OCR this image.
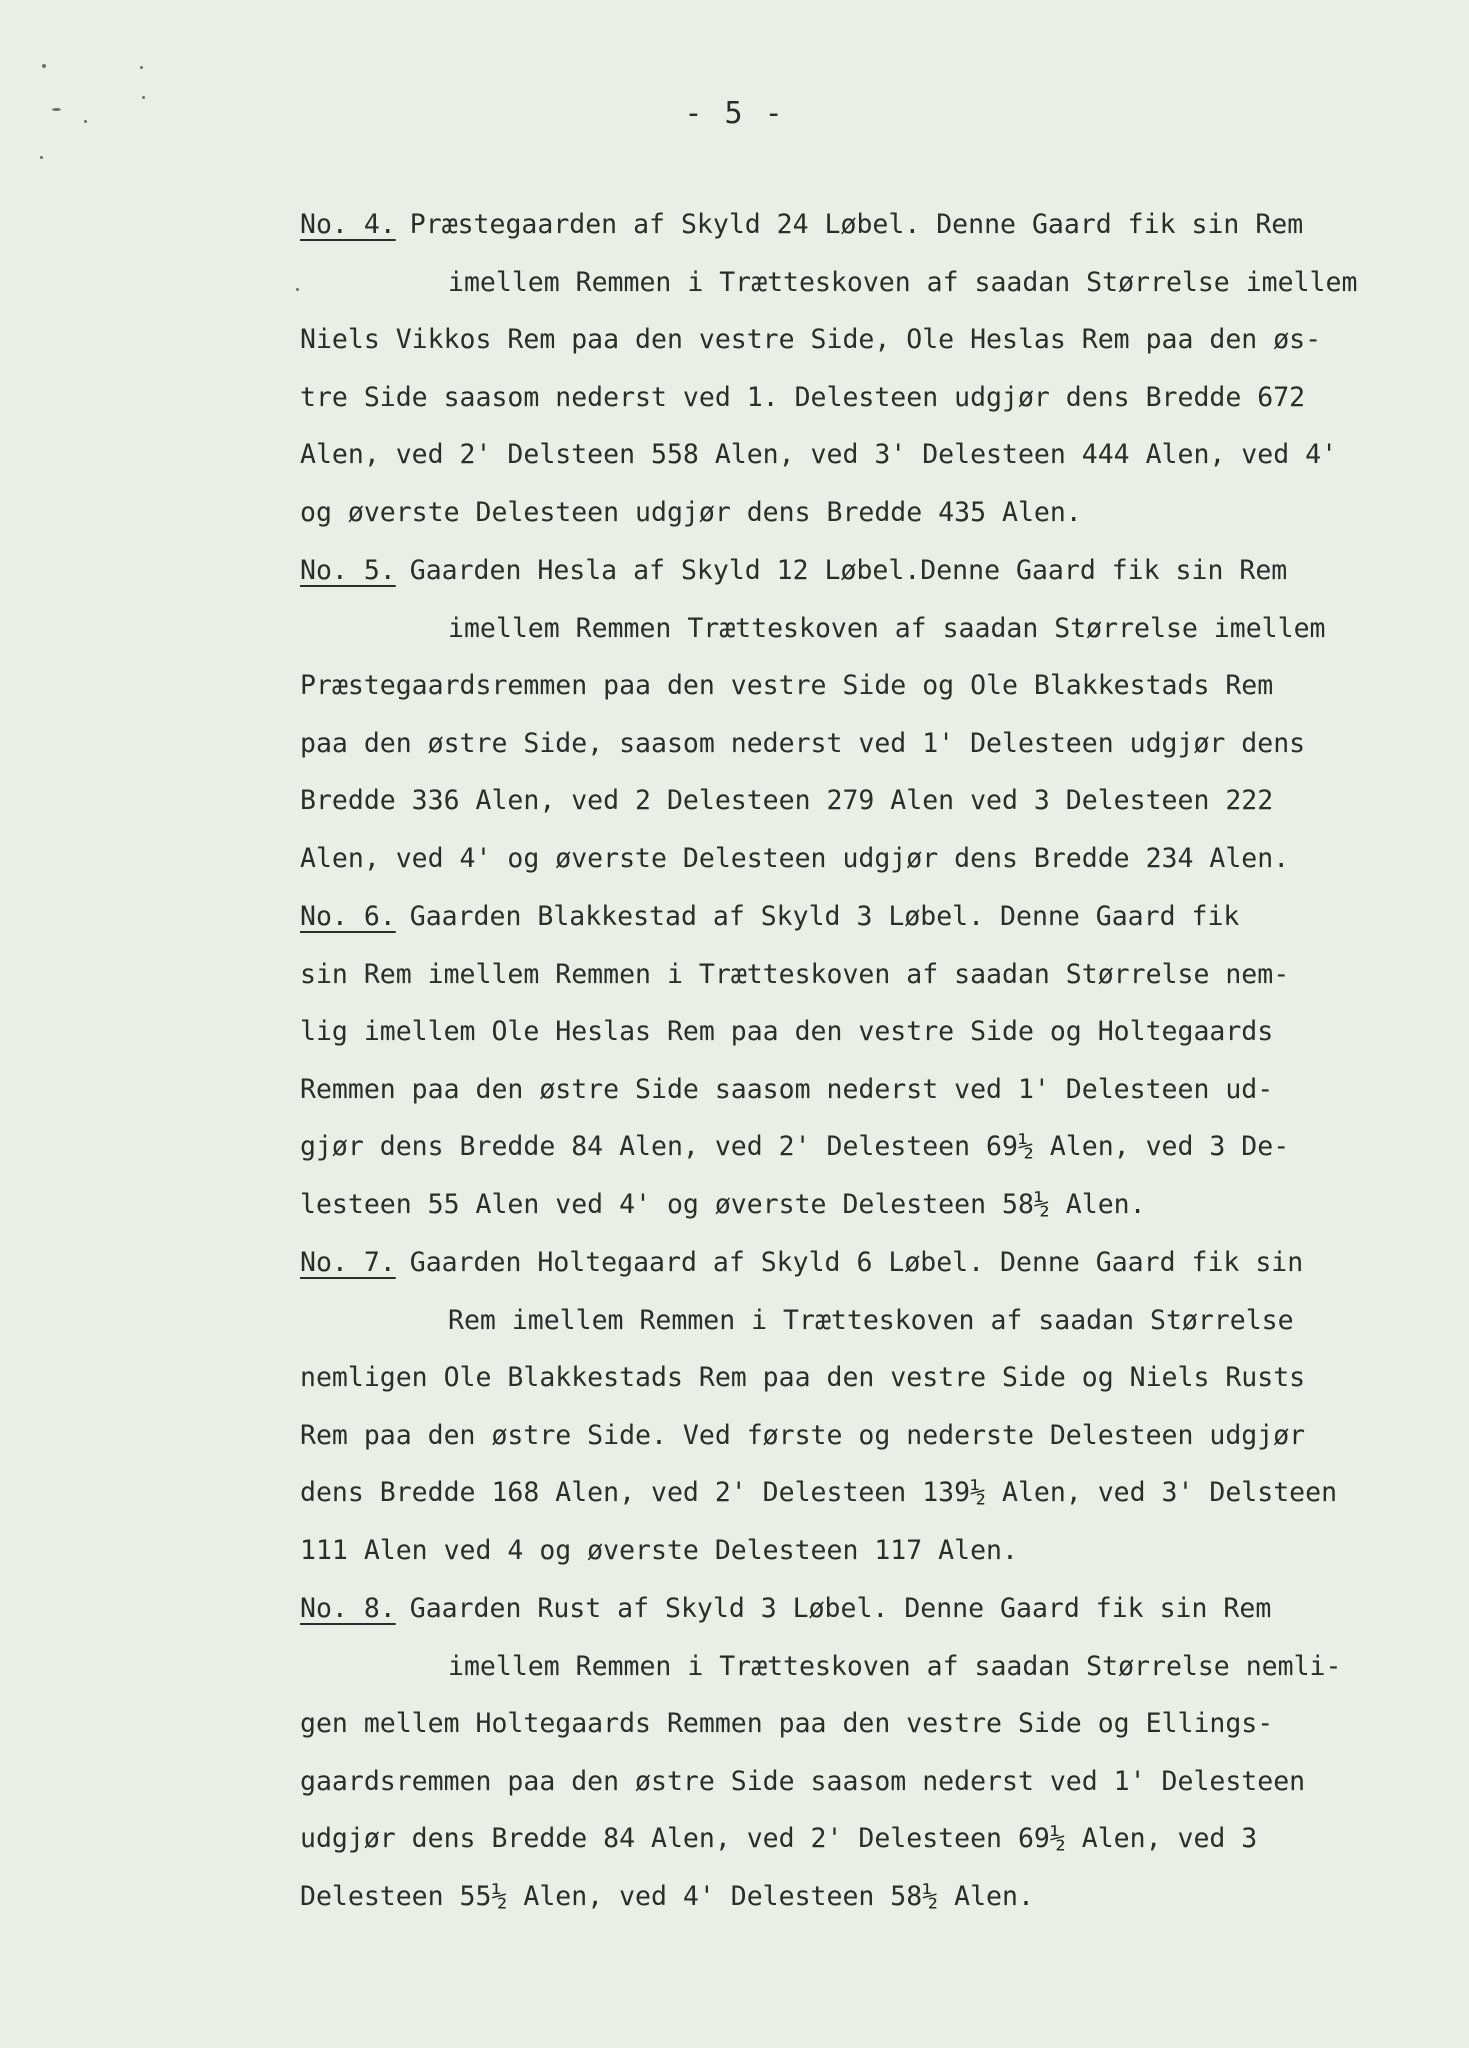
- 5 -
No. 4. Præstegaarden af Skyld 24 Løbel. Denne Gaard fik sin Rem
imellem Remmen i Trætteskoven af saadan Størrelse imellem
Niels Vikkos Rem paa den vestre Side, Ole Heslas Rem paa den øs-
tre Side saasom nederst ved 1. Delesteen udgjør dens Bredde 672
Alen, ved 2' Delsteen 558 Alen, ved 3' Delesteen 444 Alen, ved 4'
og øverste Delesteen udgjør dens Bredde 435 Alen.
No. 5. Gaarden Hesla af Skyld 12 Løbel.Denne Gaard fik sin Rem
imellem Remmen Trætteskoven af saadan Størrelse imellem
Præstegaardsremmen paa den vestre Side og Ole Blakkestads Rem
paa den østre Side, saasom nederst ved 1' Delesteen udgjør dens
Bredde 336 Alen, ved 2 Delesteen 279 Alen ved 3 Delesteen 222
Alen, ved 4' og øverste Delesteen udgjør dens Bredde 234 Alen.
No. 6. Gaarden Blakkestad af Skyld 3 Løbel. Denne Gaard fik
sin Rem imellem Remmen i Trætteskoven af saadan Størrelse nem-
lig imellem Ole Heslas Rem paa den vestre Side og Holtegaards
Remmen paa den østre Side saasom nederst ved 1' Delesteen ud-
gjør dens Bredde 84 Alen, ved 2' Delesteen 69½ Alen, ved 3 De-
lesteen 55 Alen ved 4' og øverste Delesteen 58½ Alen.
No. 7. Gaarden Holtegaard af Skyld 6 Løbel. Denne Gaard fik sin
Rem imellem Remmen i Trætteskoven af saadan Størrelse
nemligen Ole Blakkestads Rem paa den vestre Side og Niels Rusts
Rem paa den østre Side. Ved første og nederste Delesteen udgjør
dens Bredde 168 Alen, ved 2' Delesteen 139½ Alen, ved 3' Delsteen
111 Alen ved 4 og øverste Delesteen 117 Alen.
No. 8. Gaarden Rust af Skyld 3 Løbel. Denne Gaard fik sin Rem
imellem Remmen i Trætteskoven af saadan Størrelse nemli-
gen mellem Holtegaards Remmen paa den vestre Side og Ellings-
gaardsremmen paa den østre Side saasom nederst ved 1' Delesteen
udgjør dens Bredde 84 Alen, ved 2' Delesteen 69½ Alen, ved 3
Delesteen 55½ Alen, ved 4' Delesteen 58½ Alen.
